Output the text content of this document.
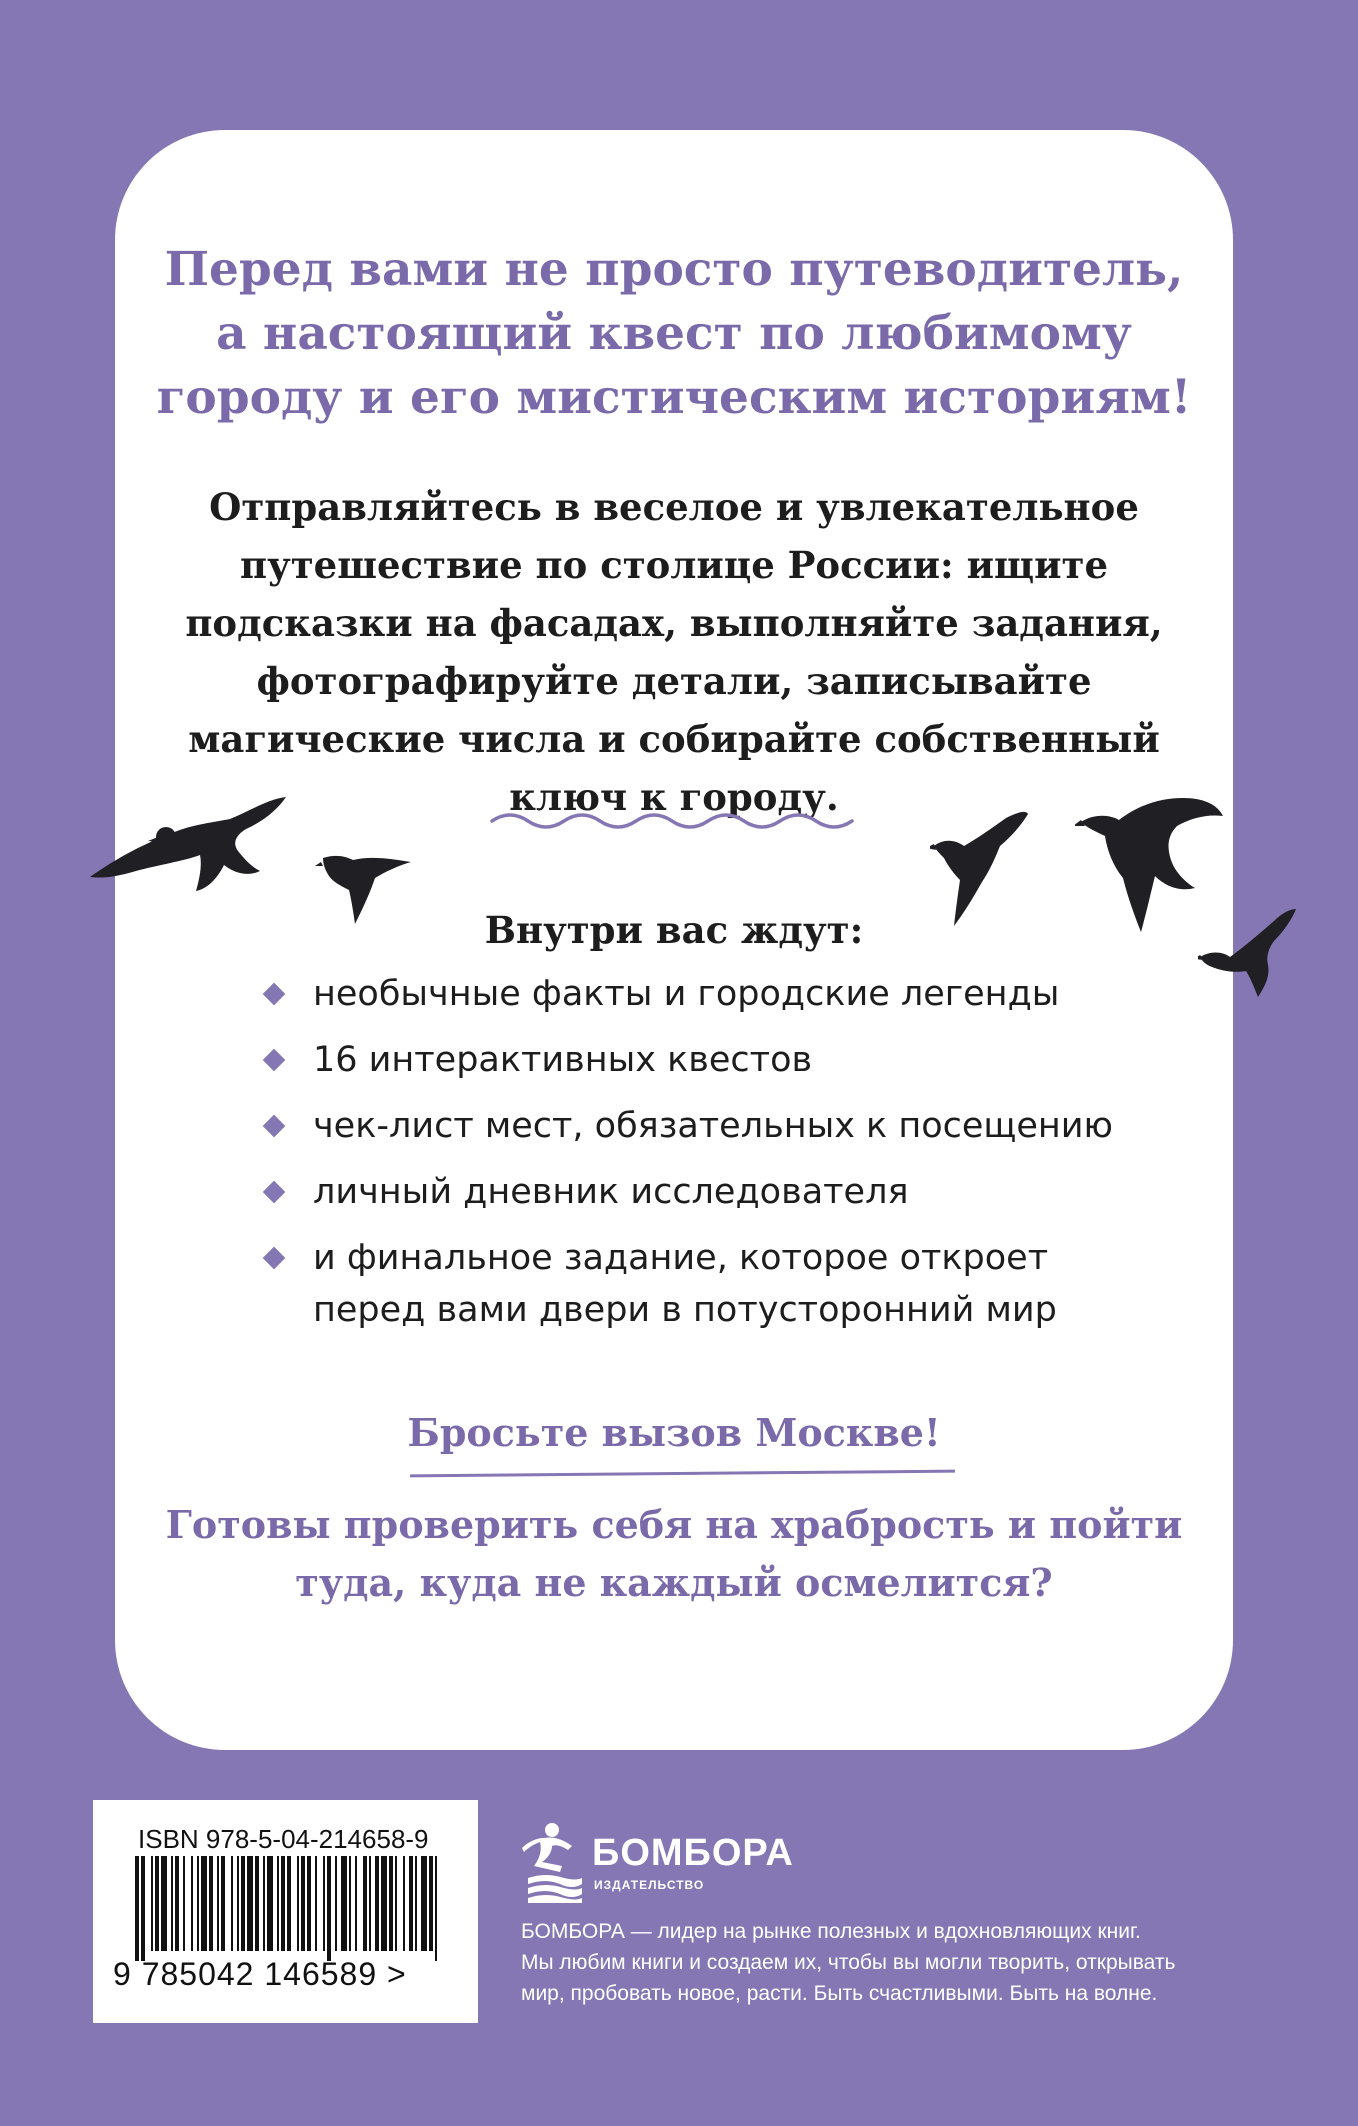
Перед вами не просто путеводитель,
а настоящий квест по любимому
городу и его мистическим историям!
Отправляйтесь в веселое и увлекательное
путешествие по столице России: ищите
подсказки на фасадах, выполняйте задания,
фотографируйте детали, записывайте
магические числа и собирайте собственный
ключ к городу.
Внутри вас ждут:
необычные факты и городские легенды
16 интерактивных квестов
чек-лист мест, обязательных к посещению
личный дневник исследователя
и финальное задание, которое откроет
перед вами двери в потусторонний мир
Бросьте вызов Москве!
Готовы проверить себя на храбрость и пойти
туда, куда не каждый осмелится?
ISBN 978-5-04-214658-9
9 785042 146589 >
БОМБОРА
ИЗДАТЕЛЬСТВО
БОМБОРА — лидер на рынке полезных и вдохновляющих книг.
Мы любим книги и создаем их, чтобы вы могли творить, открывать
мир, пробовать новое, расти. Быть счастливыми. Быть на волне.
